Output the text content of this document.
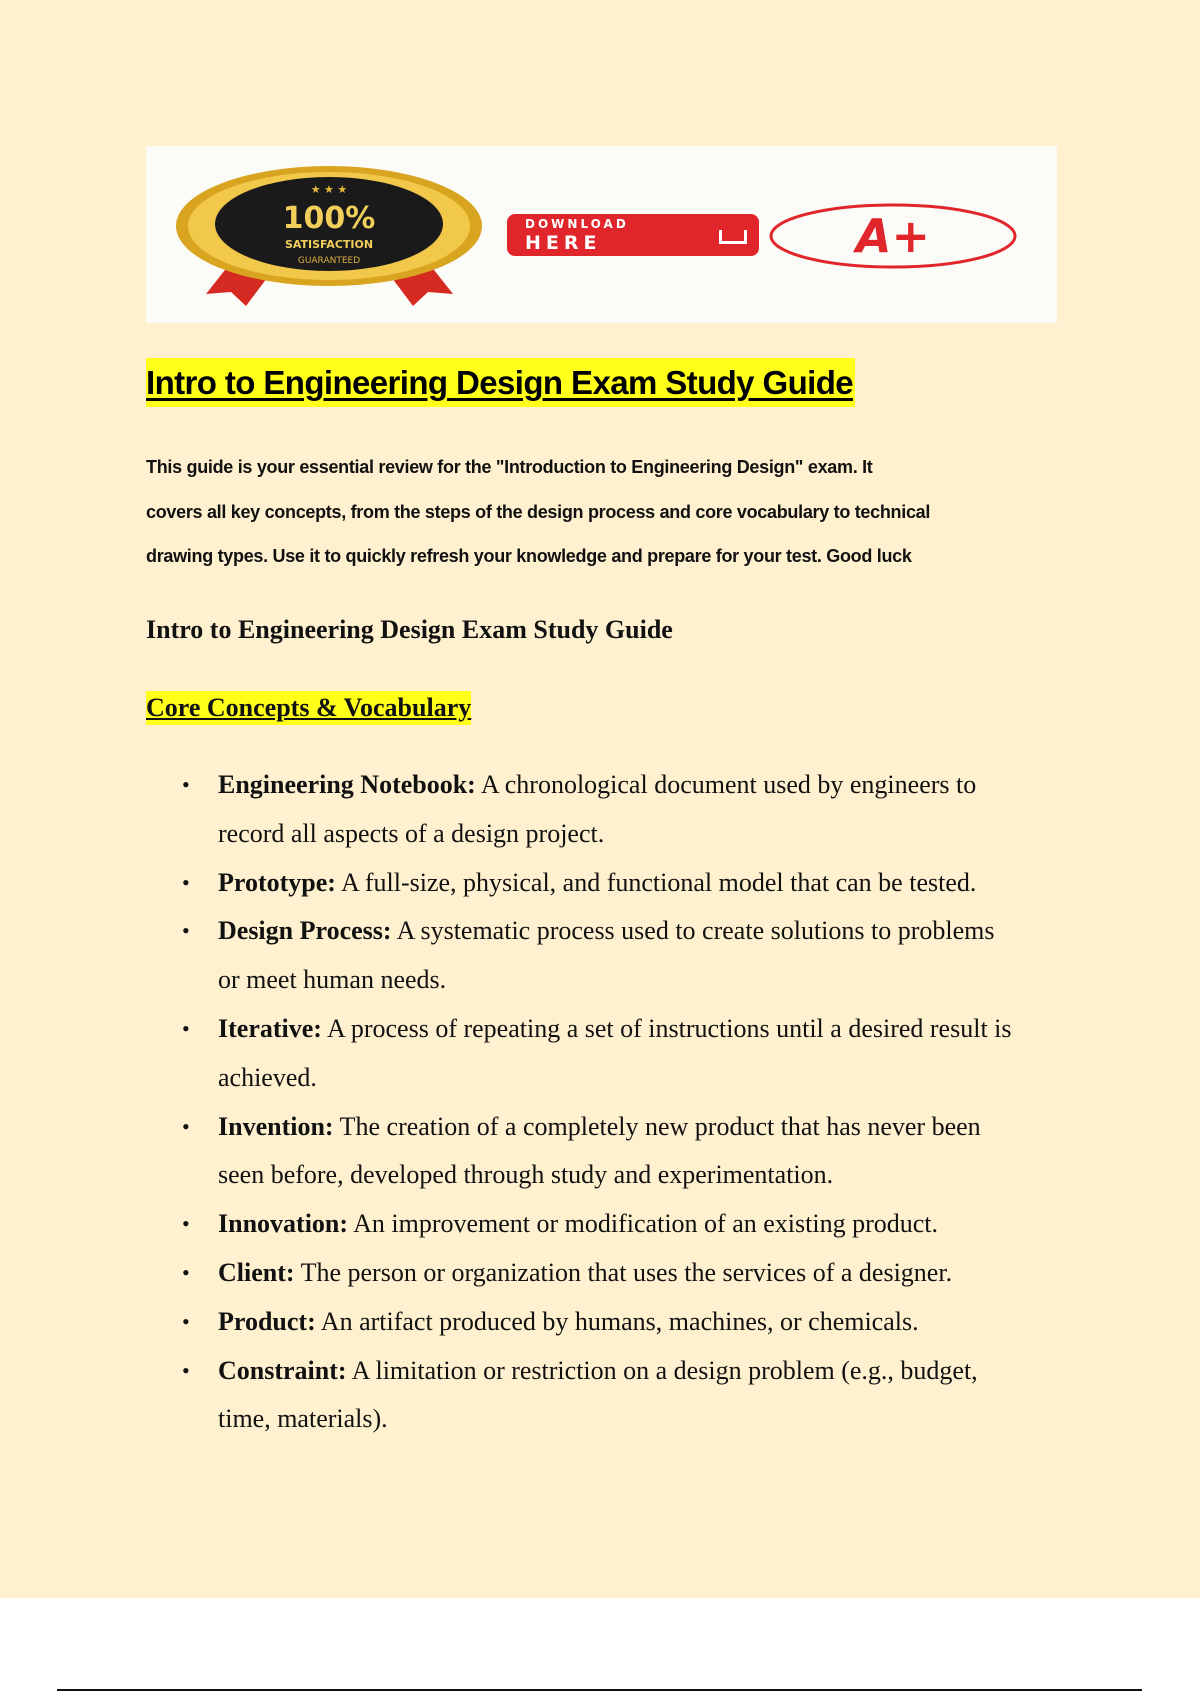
★ ★ ★
100%
SATISFACTION
GUARANTEED
DOWNLOAD
HERE	A+
Intro to Engineering Design Exam Study Guide
This guide is your essential review for the "Introduction to Engineering Design" exam. It
covers all key concepts, from the steps of the design process and core vocabulary to technical
drawing types. Use it to quickly refresh your knowledge and prepare for your test. Good luck
Intro to Engineering Design Exam Study Guide
Core Concepts & Vocabulary
• Engineering Notebook: A chronological document used by engineers to
record all aspects of a design project.
• Prototype: A full-size, physical, and functional model that can be tested.
• Design Process: A systematic process used to create solutions to problems
or meet human needs.
• Iterative: A process of repeating a set of instructions until a desired result is
achieved.
• Invention: The creation of a completely new product that has never been
seen before, developed through study and experimentation.
• Innovation: An improvement or modification of an existing product.
• Client: The person or organization that uses the services of a designer.
• Product: An artifact produced by humans, machines, or chemicals.
• Constraint: A limitation or restriction on a design problem (e.g., budget,
time, materials).
